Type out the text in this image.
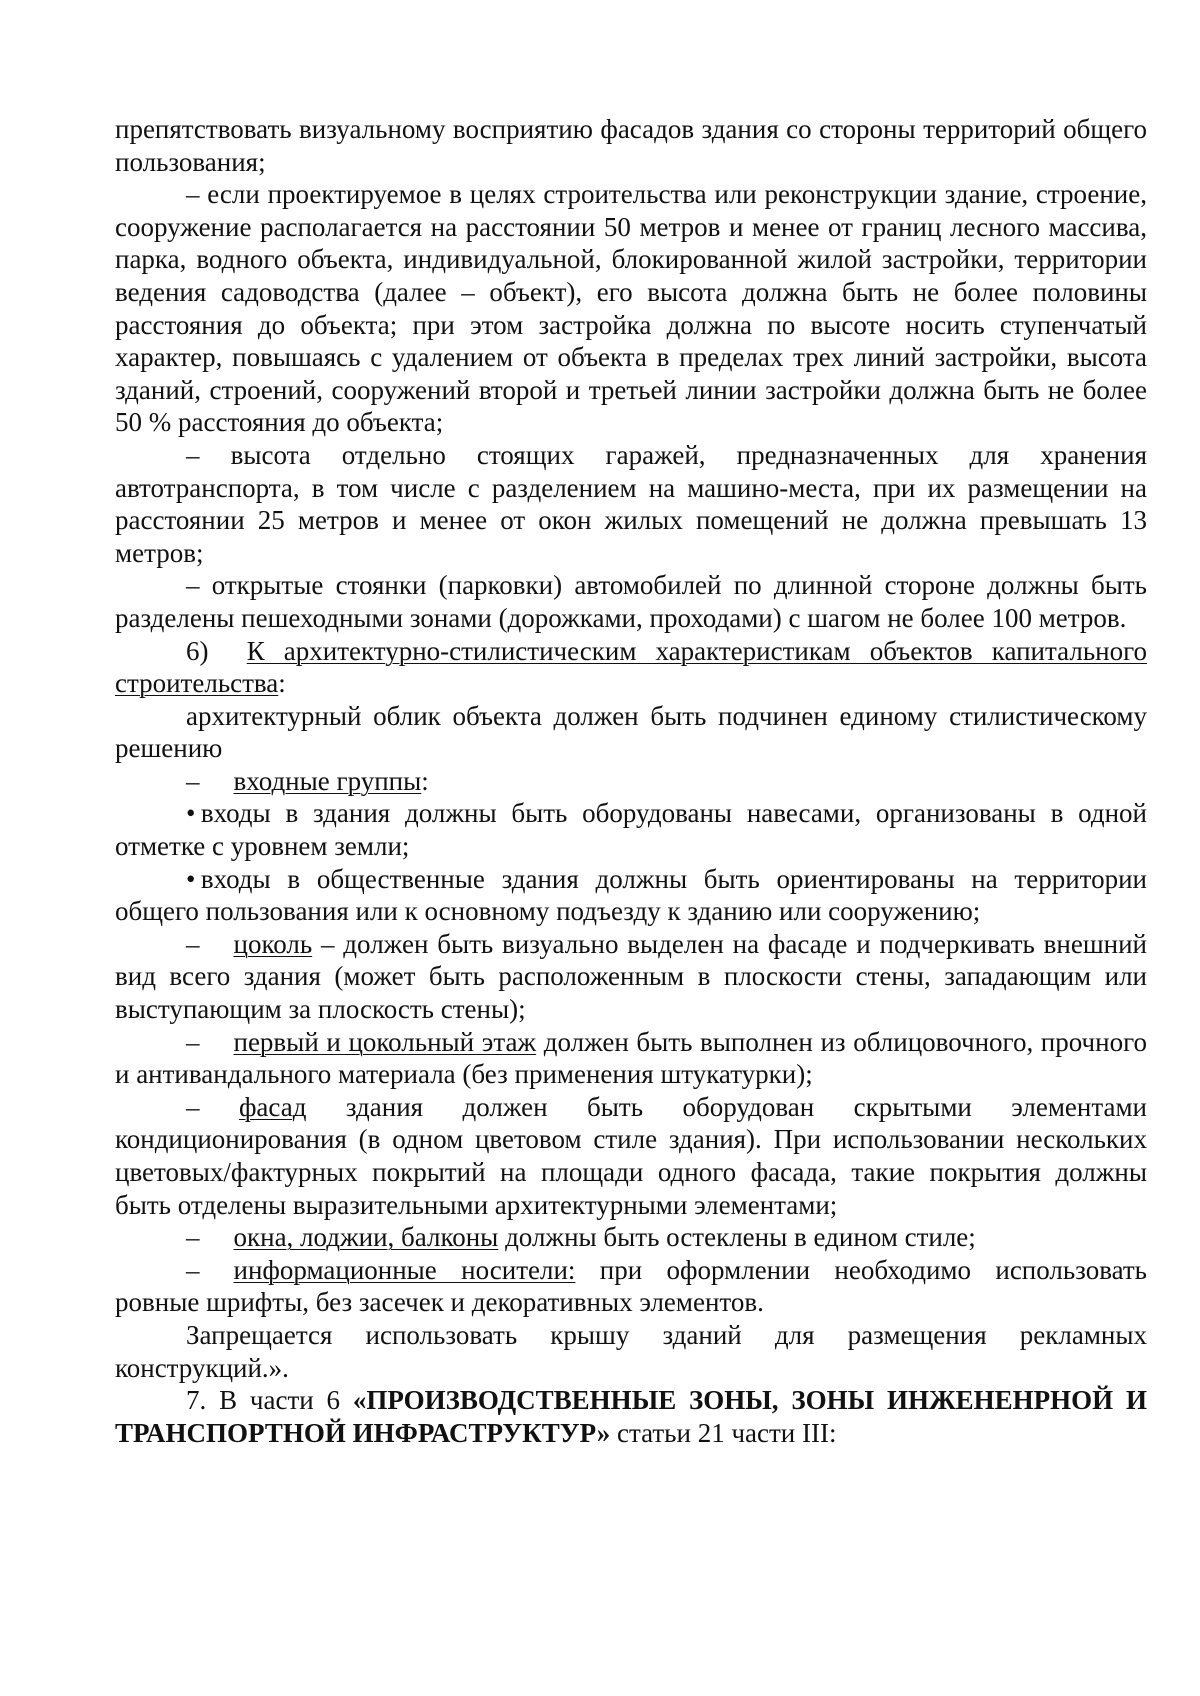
препятствовать визуальному восприятию фасадов здания со стороны территорий общего пользования;

– если проектируемое в целях строительства или реконструкции здание, строение, сооружение располагается на расстоянии 50 метров и менее от границ лесного массива, парка, водного объекта, индивидуальной, блокированной жилой застройки, территории ведения садоводства (далее – объект), его высота должна быть не более половины расстояния до объекта; при этом застройка должна по высоте носить ступенчатый характер, повышаясь с удалением от объекта в пределах трех линий застройки, высота зданий, строений, сооружений второй и третьей линии застройки должна быть не более 50 % расстояния до объекта;

– высота отдельно стоящих гаражей, предназначенных для хранения автотранспорта, в том числе с разделением на машино-места, при их размещении на расстоянии 25 метров и менее от окон жилых помещений не должна превышать 13 метров;

– открытые стоянки (парковки) автомобилей по длинной стороне должны быть разделены пешеходными зонами (дорожками, проходами) с шагом не более 100 метров.

6) К архитектурно-стилистическим характеристикам объектов капитального строительства:

архитектурный облик объекта должен быть подчинен единому стилистическому решению

– входные группы:

• входы в здания должны быть оборудованы навесами, организованы в одной отметке с уровнем земли;

• входы в общественные здания должны быть ориентированы на территории общего пользования или к основному подъезду к зданию или сооружению;

– цоколь – должен быть визуально выделен на фасаде и подчеркивать внешний вид всего здания (может быть расположенным в плоскости стены, западающим или выступающим за плоскость стены);

– первый и цокольный этаж должен быть выполнен из облицовочного, прочного и антивандального материала (без применения штукатурки);

– фасад здания должен быть оборудован скрытыми элементами кондиционирования (в одном цветовом стиле здания). При использовании нескольких цветовых/фактурных покрытий на площади одного фасада, такие покрытия должны быть отделены выразительными архитектурными элементами;

– окна, лоджии, балконы должны быть остеклены в едином стиле;

– информационные носители: при оформлении необходимо использовать ровные шрифты, без засечек и декоративных элементов.

Запрещается использовать крышу зданий для размещения рекламных конструкций.».

7. В части 6 «ПРОИЗВОДСТВЕННЫЕ ЗОНЫ, ЗОНЫ ИНЖЕНЕНРНОЙ И ТРАНСПОРТНОЙ ИНФРАСТРУКТУР» статьи 21 части III:
